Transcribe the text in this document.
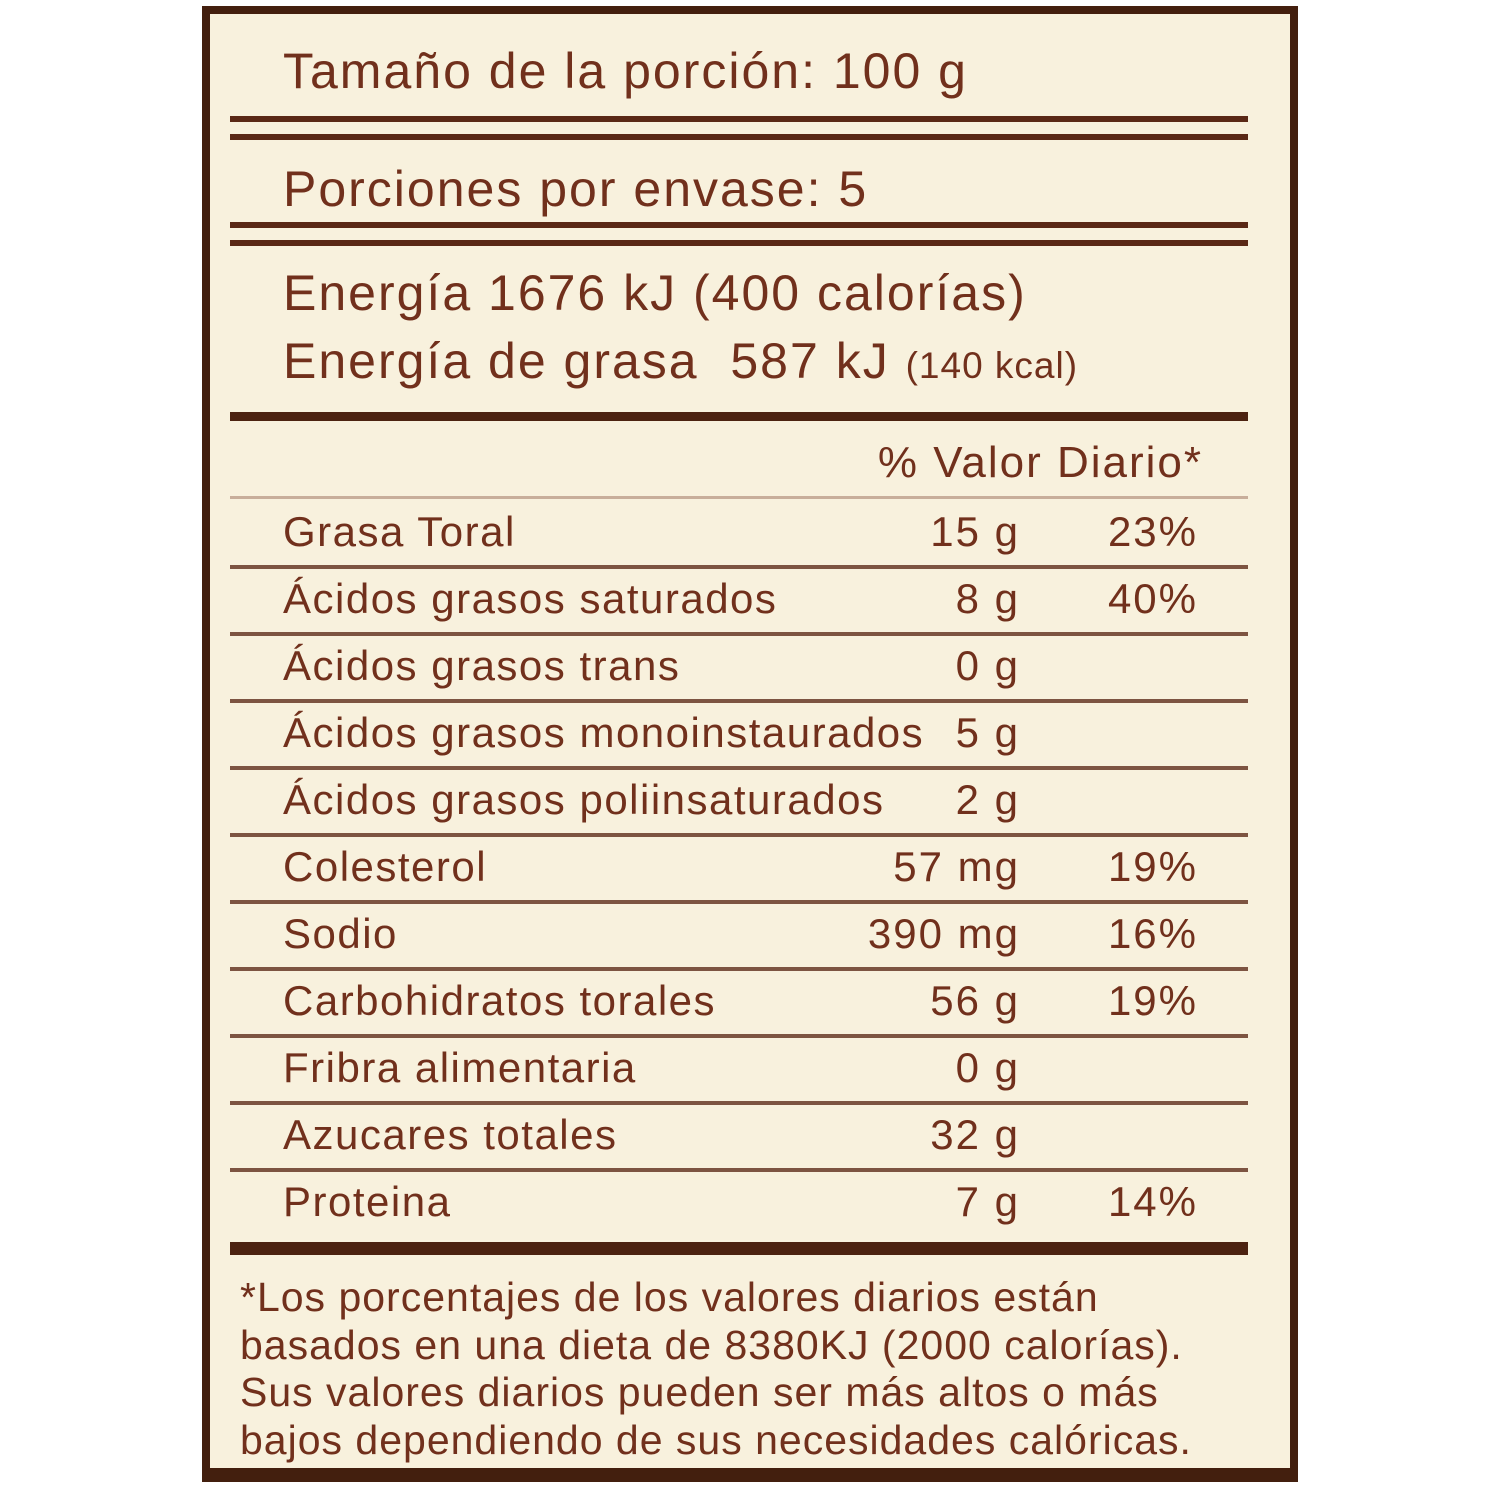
Tamaño de la porción: 100 g
Porciones por envase: 5
Energía 1676 kJ (400 calorías)
Energía de grasa  587 kJ (140 kcal)
% Valor Diario*
Grasa Toral	15 g 23%
Ácidos grasos saturados	8 g 40%
Ácidos grasos trans	0 g
Ácidos grasos monoinstaurados 5 g
Ácidos grasos poliinsaturados 2 g
Colesterol	57 mg 19%
Sodio	390 mg 16%
Carbohidratos torales	56 g 19%
Fribra alimentaria	0 g
Azucares totales	32 g
Proteina	7 g 14%
*Los porcentajes de los valores diarios están
basados en una dieta de 8380KJ (2000 calorías).
Sus valores diarios pueden ser más altos o más
bajos dependiendo de sus necesidades calóricas.
